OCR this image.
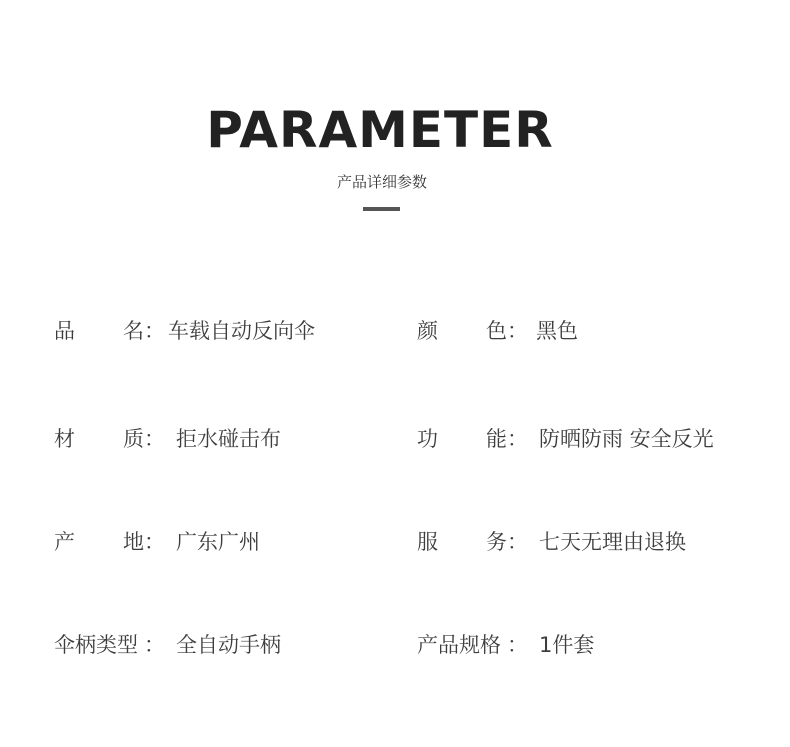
PARAMETER
产品详细参数
品 名 ： 车载自动反向伞	颜 色 ： 黑色
材 质 ： 拒水碰击布	功 能 ： 防晒防雨 安全反光
产 地 ： 广东广州	服 务 ： 七天无理由退换
伞柄类型 ： 全自动手柄	产品规格 ： 1件套
